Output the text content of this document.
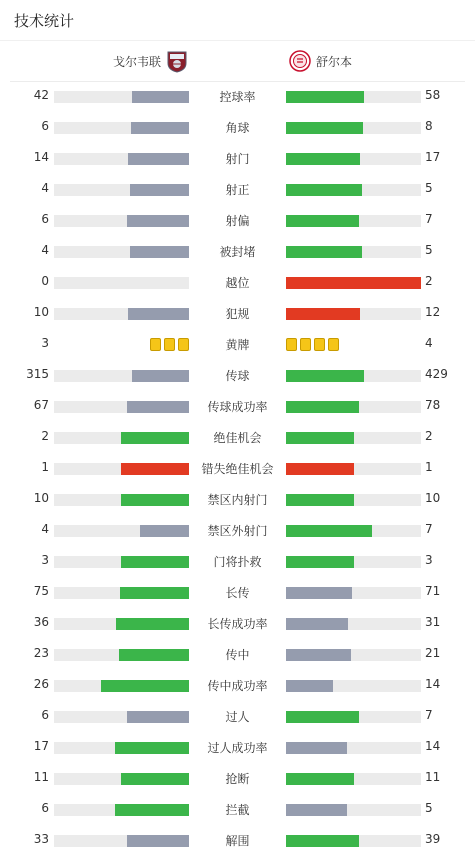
技术统计
戈尔韦联	舒尔本
42	控球率	58
6	角球	8
14	射门	17
4	射正	5
6	射偏	7
4	被封堵	5
0	越位	2
10	犯规	12
3	黄牌	4
315	传球	429
67	传球成功率	78
2	绝佳机会	2
1	错失绝佳机会	1
10	禁区内射门	10
4	禁区外射门	7
3	门将扑救	3
75	长传	71
36	长传成功率	31
23	传中	21
26	传中成功率	14
6	过人	7
17	过人成功率	14
11	抢断	11
6	拦截	5
33	解围	39
